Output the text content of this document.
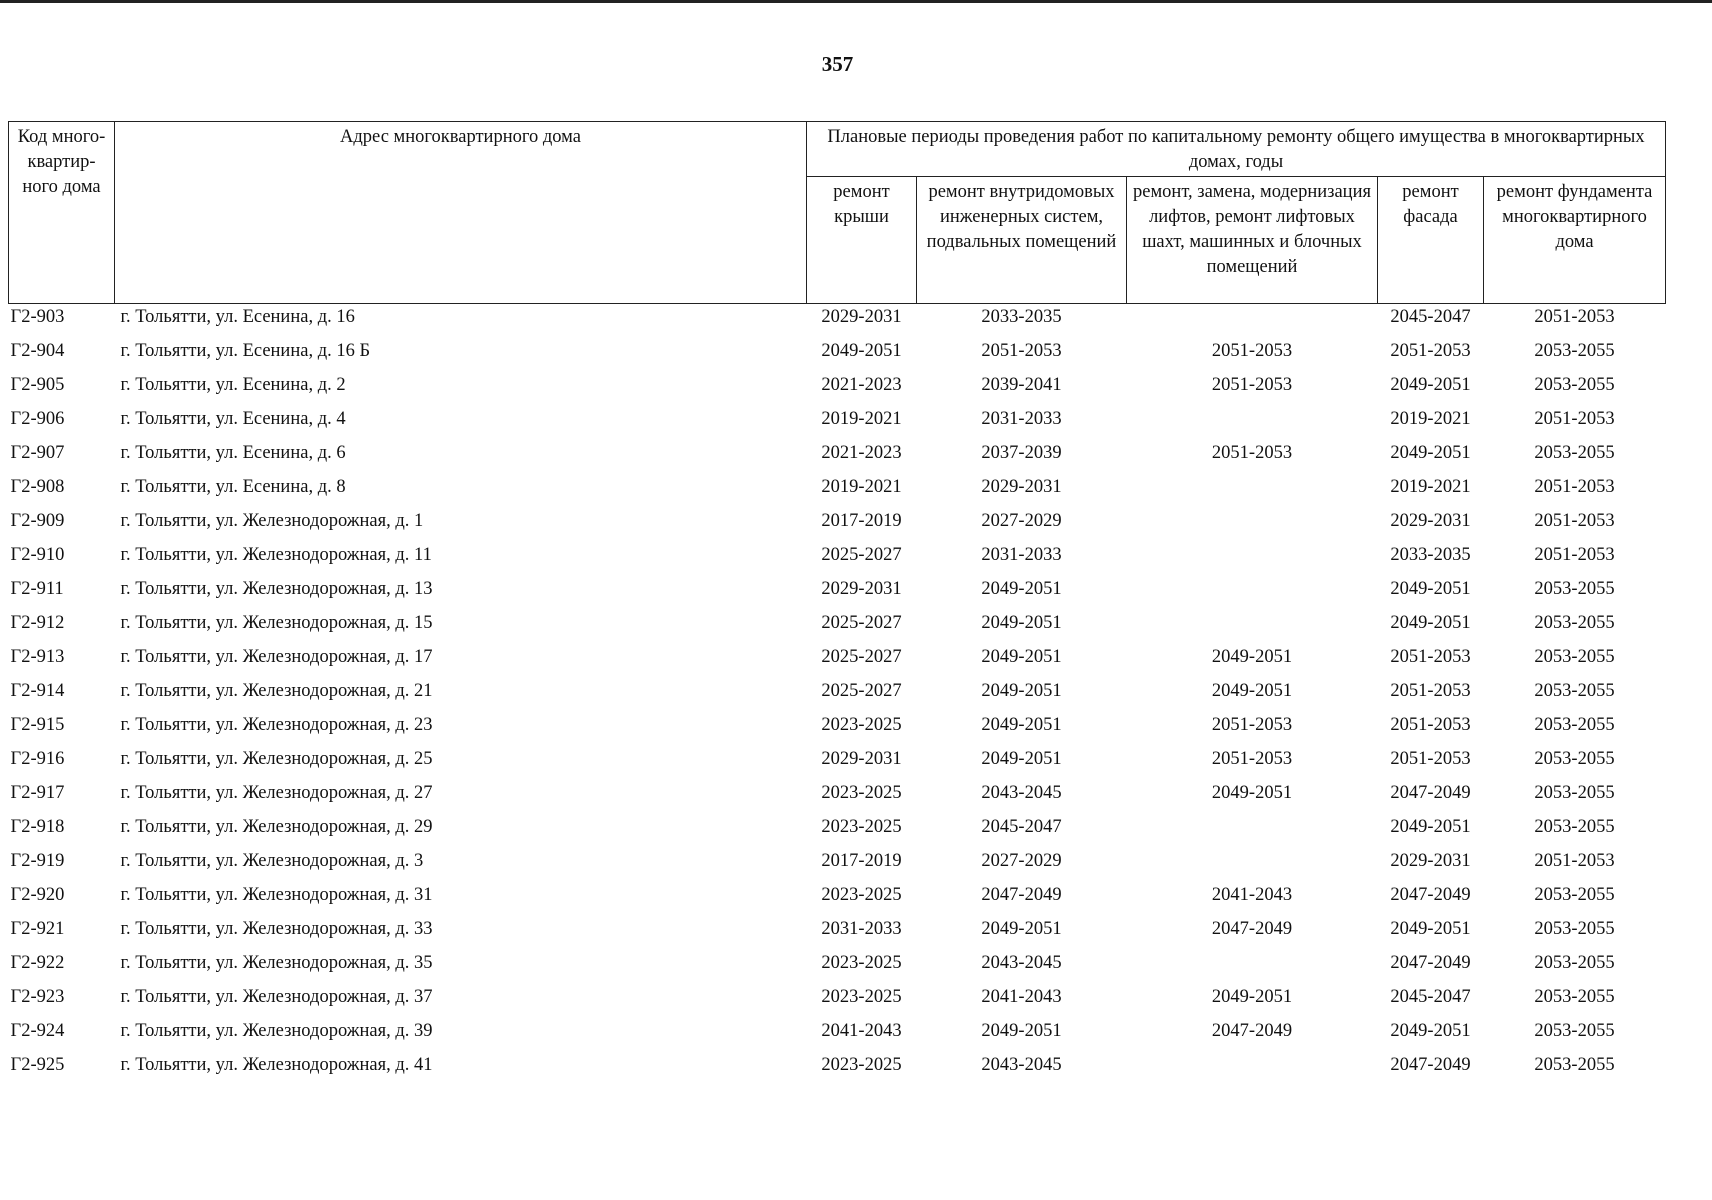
357
Код много-квартир-ного дома	Адрес многоквартирного дома	Плановые периоды проведения работ по капитальному ремонту общего имущества в многоквартирных домах, годы				
		ремонт крыши	ремонт внутридомовых инженерных систем, подвальных помещений	ремонт, замена, модернизация лифтов, ремонт лифтовых шахт, машинных и блочных помещений	ремонт фасада	ремонт фундамента многоквартирного дома
Г2-903	г. Тольятти, ул. Есенина, д. 16	2029-2031	2033-2035		2045-2047	2051-2053
Г2-904	г. Тольятти, ул. Есенина, д. 16 Б	2049-2051	2051-2053	2051-2053	2051-2053	2053-2055
Г2-905	г. Тольятти, ул. Есенина, д. 2	2021-2023	2039-2041	2051-2053	2049-2051	2053-2055
Г2-906	г. Тольятти, ул. Есенина, д. 4	2019-2021	2031-2033		2019-2021	2051-2053
Г2-907	г. Тольятти, ул. Есенина, д. 6	2021-2023	2037-2039	2051-2053	2049-2051	2053-2055
Г2-908	г. Тольятти, ул. Есенина, д. 8	2019-2021	2029-2031		2019-2021	2051-2053
Г2-909	г. Тольятти, ул. Железнодорожная, д. 1	2017-2019	2027-2029		2029-2031	2051-2053
Г2-910	г. Тольятти, ул. Железнодорожная, д. 11	2025-2027	2031-2033		2033-2035	2051-2053
Г2-911	г. Тольятти, ул. Железнодорожная, д. 13	2029-2031	2049-2051		2049-2051	2053-2055
Г2-912	г. Тольятти, ул. Железнодорожная, д. 15	2025-2027	2049-2051		2049-2051	2053-2055
Г2-913	г. Тольятти, ул. Железнодорожная, д. 17	2025-2027	2049-2051	2049-2051	2051-2053	2053-2055
Г2-914	г. Тольятти, ул. Железнодорожная, д. 21	2025-2027	2049-2051	2049-2051	2051-2053	2053-2055
Г2-915	г. Тольятти, ул. Железнодорожная, д. 23	2023-2025	2049-2051	2051-2053	2051-2053	2053-2055
Г2-916	г. Тольятти, ул. Железнодорожная, д. 25	2029-2031	2049-2051	2051-2053	2051-2053	2053-2055
Г2-917	г. Тольятти, ул. Железнодорожная, д. 27	2023-2025	2043-2045	2049-2051	2047-2049	2053-2055
Г2-918	г. Тольятти, ул. Железнодорожная, д. 29	2023-2025	2045-2047		2049-2051	2053-2055
Г2-919	г. Тольятти, ул. Железнодорожная, д. 3	2017-2019	2027-2029		2029-2031	2051-2053
Г2-920	г. Тольятти, ул. Железнодорожная, д. 31	2023-2025	2047-2049	2041-2043	2047-2049	2053-2055
Г2-921	г. Тольятти, ул. Железнодорожная, д. 33	2031-2033	2049-2051	2047-2049	2049-2051	2053-2055
Г2-922	г. Тольятти, ул. Железнодорожная, д. 35	2023-2025	2043-2045		2047-2049	2053-2055
Г2-923	г. Тольятти, ул. Железнодорожная, д. 37	2023-2025	2041-2043	2049-2051	2045-2047	2053-2055
Г2-924	г. Тольятти, ул. Железнодорожная, д. 39	2041-2043	2049-2051	2047-2049	2049-2051	2053-2055
Г2-925	г. Тольятти, ул. Железнодорожная, д. 41	2023-2025	2043-2045		2047-2049	2053-2055
